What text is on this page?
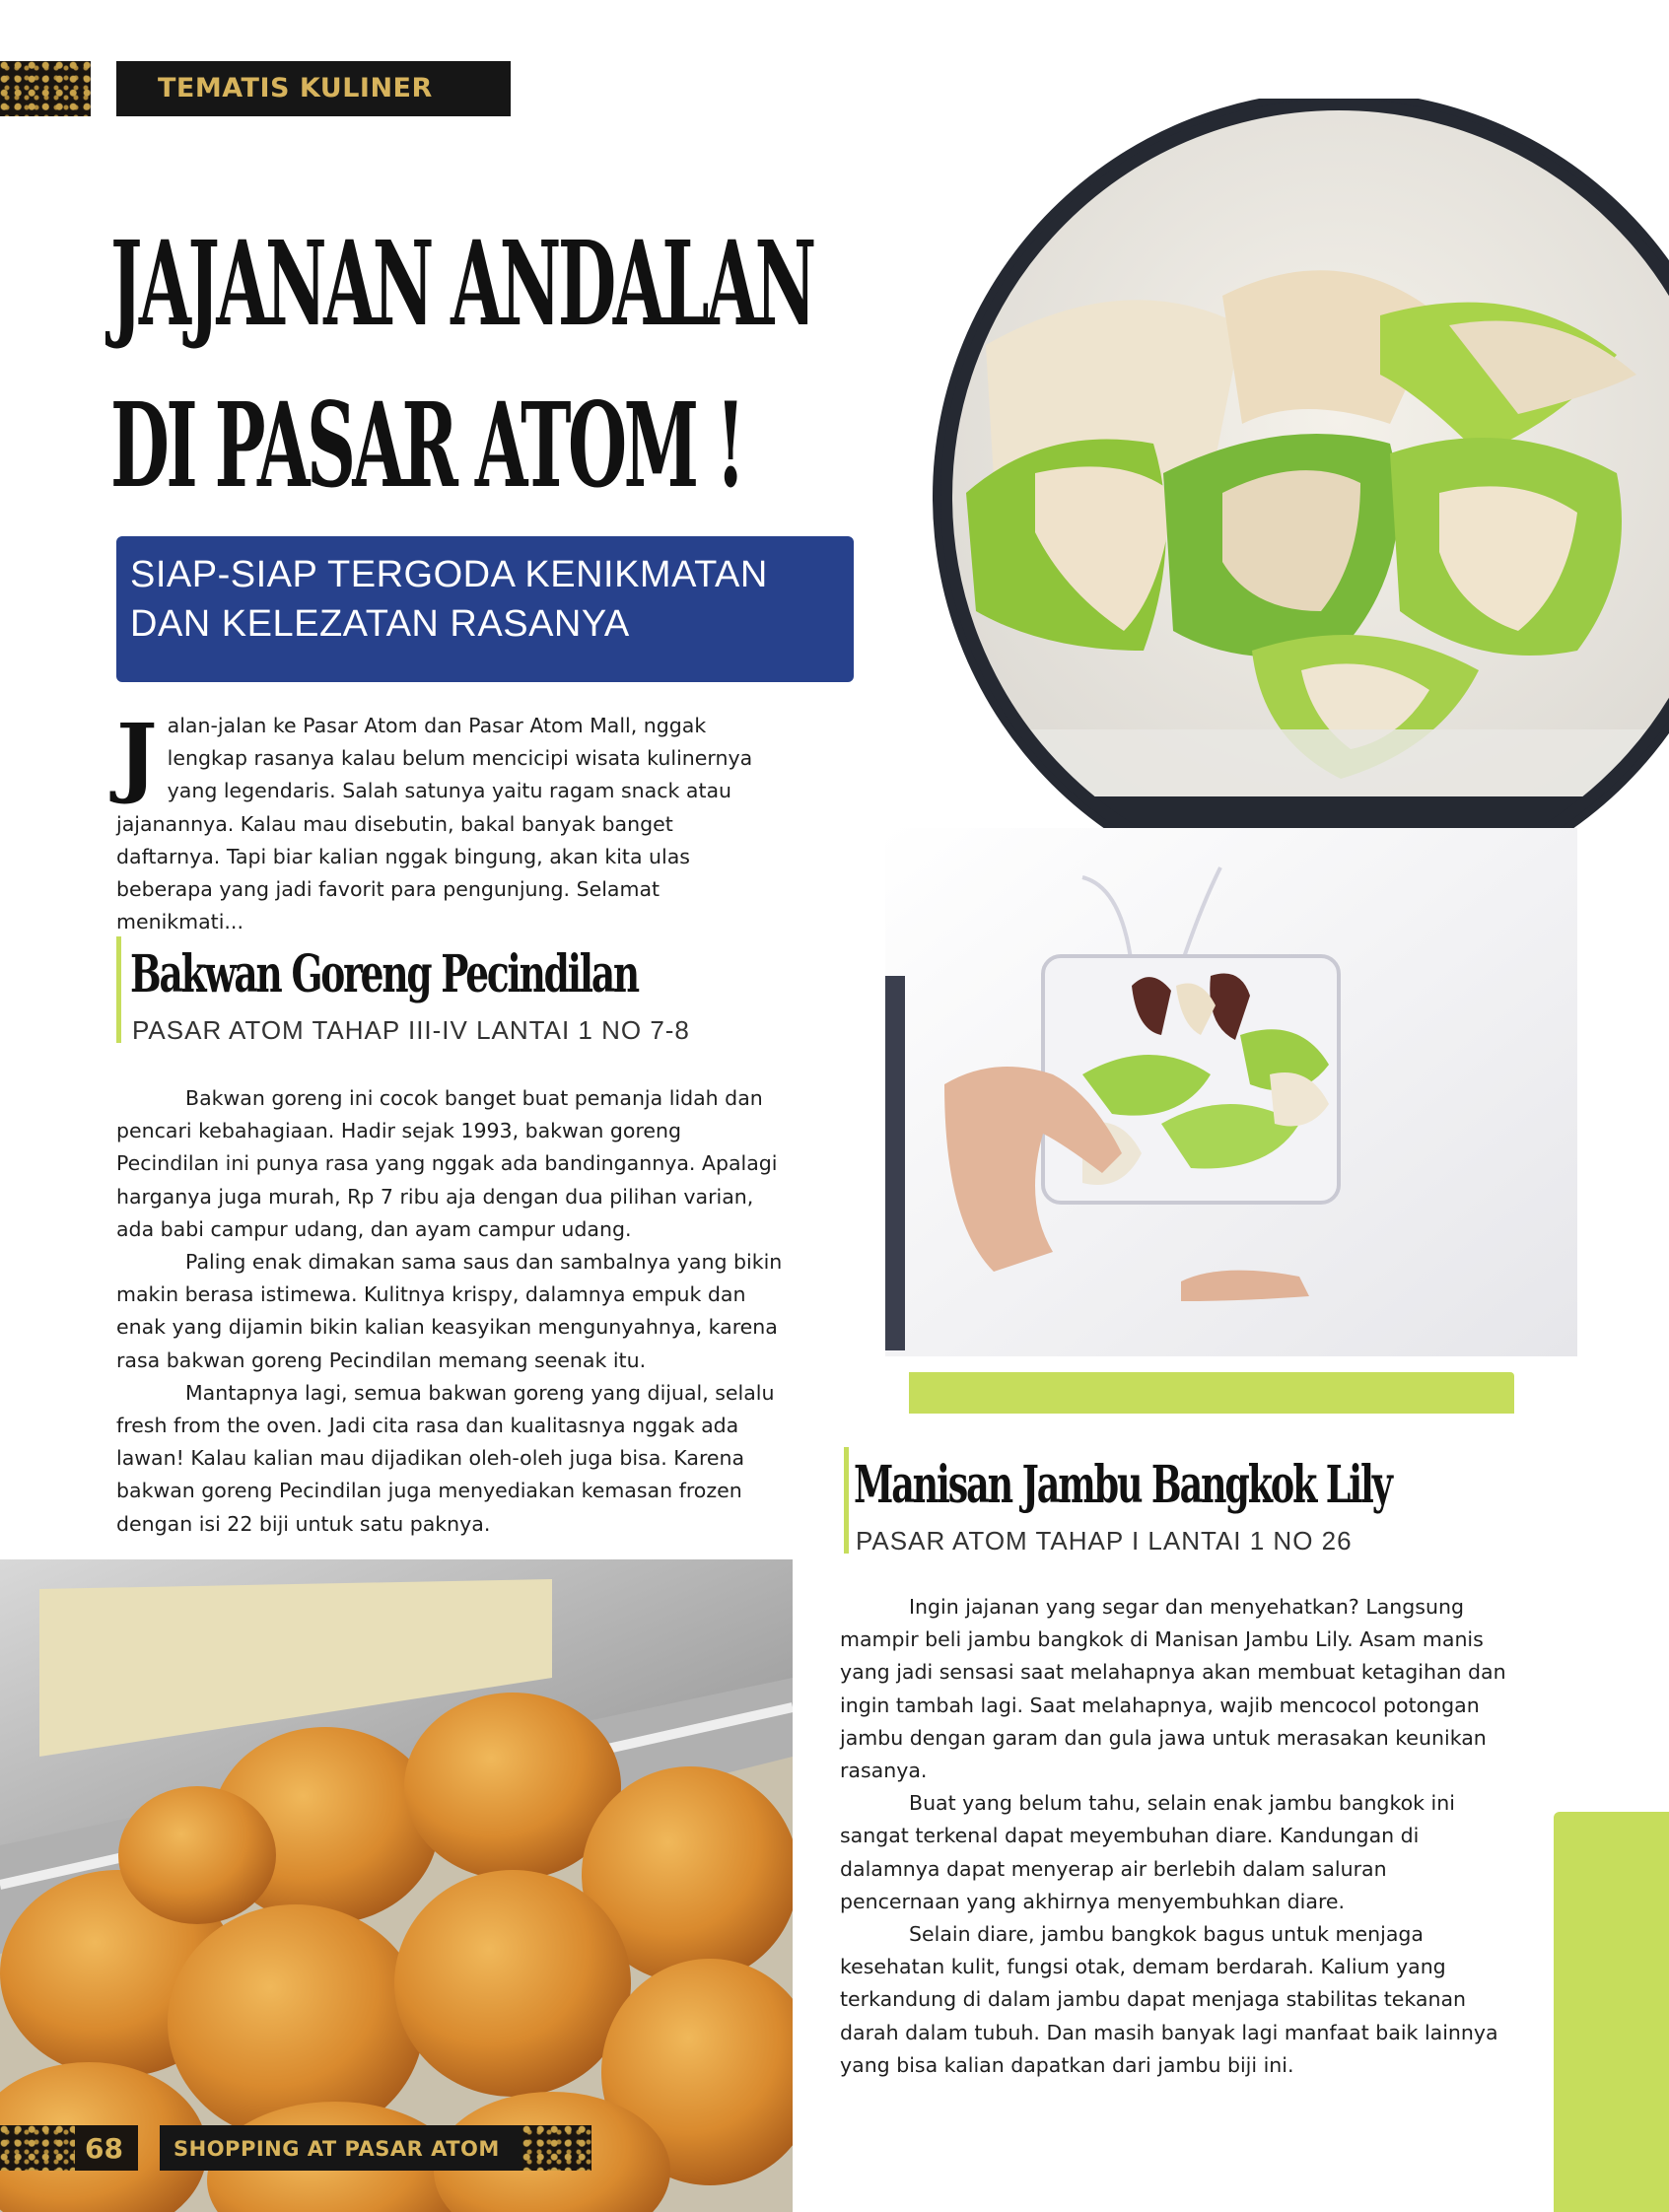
TEMATIS KULINER
JAJANAN ANDALAN
DI PASAR ATOM !
SIAP-SIAP TERGODA KENIKMATAN
DAN KELEZATAN RASANYA
J alan-jalan ke Pasar Atom dan Pasar Atom Mall, nggak lengkap rasanya kalau belum mencicipi wisata kulinernya yang legendaris. Salah satunya yaitu ragam snack atau jajanannya. Kalau mau disebutin, bakal banyak banget daftarnya. Tapi biar kalian nggak bingung, akan kita ulas beberapa yang jadi favorit para pengunjung. Selamat menikmati...
Bakwan Goreng Pecindilan
PASAR ATOM TAHAP III-IV LANTAI 1 NO 7-8

Bakwan goreng ini cocok banget buat pemanja lidah dan pencari kebahagiaan. Hadir sejak 1993, bakwan goreng Pecindilan ini punya rasa yang nggak ada bandingannya. Apalagi harganya juga murah, Rp 7 ribu aja dengan dua pilihan varian, ada babi campur udang, dan ayam campur udang.

Paling enak dimakan sama saus dan sambalnya yang bikin makin berasa istimewa. Kulitnya krispy, dalamnya empuk dan enak yang dijamin bikin kalian keasyikan mengunyahnya, karena rasa bakwan goreng Pecindilan memang seenak itu.

Mantapnya lagi, semua bakwan goreng yang dijual, selalu fresh from the oven. Jadi cita rasa dan kualitasnya nggak ada lawan! Kalau kalian mau dijadikan oleh-oleh juga bisa. Karena bakwan goreng Pecindilan juga menyediakan kemasan frozen dengan isi 22 biji untuk satu paknya.

Manisan Jambu Bangkok Lily
PASAR ATOM TAHAP I LANTAI 1 NO 26

Ingin jajanan yang segar dan menyehatkan? Langsung mampir beli jambu bangkok di Manisan Jambu Lily. Asam manis yang jadi sensasi saat melahapnya akan membuat ketagihan dan ingin tambah lagi. Saat melahapnya, wajib mencocol potongan jambu dengan garam dan gula jawa untuk merasakan keunikan rasanya.

Buat yang belum tahu, selain enak jambu bangkok ini sangat terkenal dapat meyembuhan diare. Kandungan di dalamnya dapat menyerap air berlebih dalam saluran pencernaan yang akhirnya menyembuhkan diare.

Selain diare, jambu bangkok bagus untuk menjaga kesehatan kulit, fungsi otak, demam berdarah. Kalium yang terkandung di dalam jambu dapat menjaga stabilitas tekanan darah dalam tubuh. Dan masih banyak lagi manfaat baik lainnya yang bisa kalian dapatkan dari jambu biji ini.

68 SHOPPING AT PASAR ATOM
